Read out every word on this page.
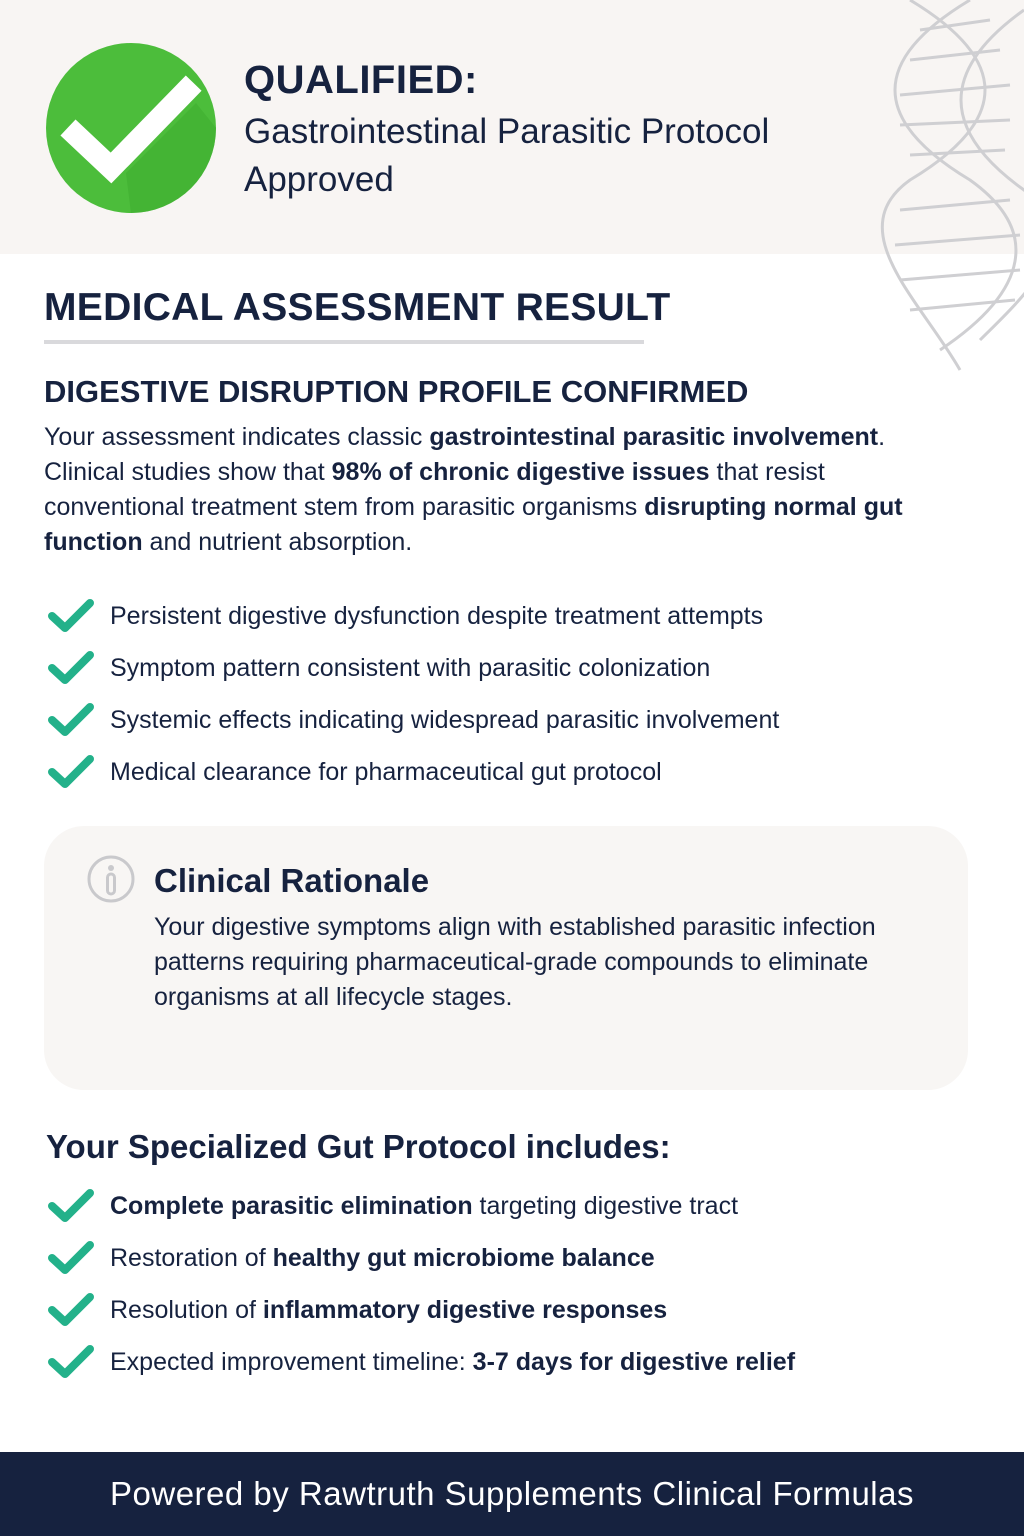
QUALIFIED:
Gastrointestinal Parasitic Protocol
Approved
MEDICAL ASSESSMENT RESULT
DIGESTIVE DISRUPTION PROFILE CONFIRMED

Your assessment indicates classic gastrointestinal parasitic involvement. Clinical studies show that 98% of chronic digestive issues that resist conventional treatment stem from parasitic organisms disrupting normal gut function and nutrient absorption.

Persistent digestive dysfunction despite treatment attempts
Symptom pattern consistent with parasitic colonization
Systemic effects indicating widespread parasitic involvement
Medical clearance for pharmaceutical gut protocol
Clinical Rationale

Your digestive symptoms align with established parasitic infection patterns requiring pharmaceutical-grade compounds to eliminate organisms at all lifecycle stages.

Your Specialized Gut Protocol includes:
Complete parasitic elimination targeting digestive tract
Restoration of healthy gut microbiome balance
Resolution of inflammatory digestive responses
Expected improvement timeline: 3-7 days for digestive relief
Powered by Rawtruth Supplements Clinical Formulas
